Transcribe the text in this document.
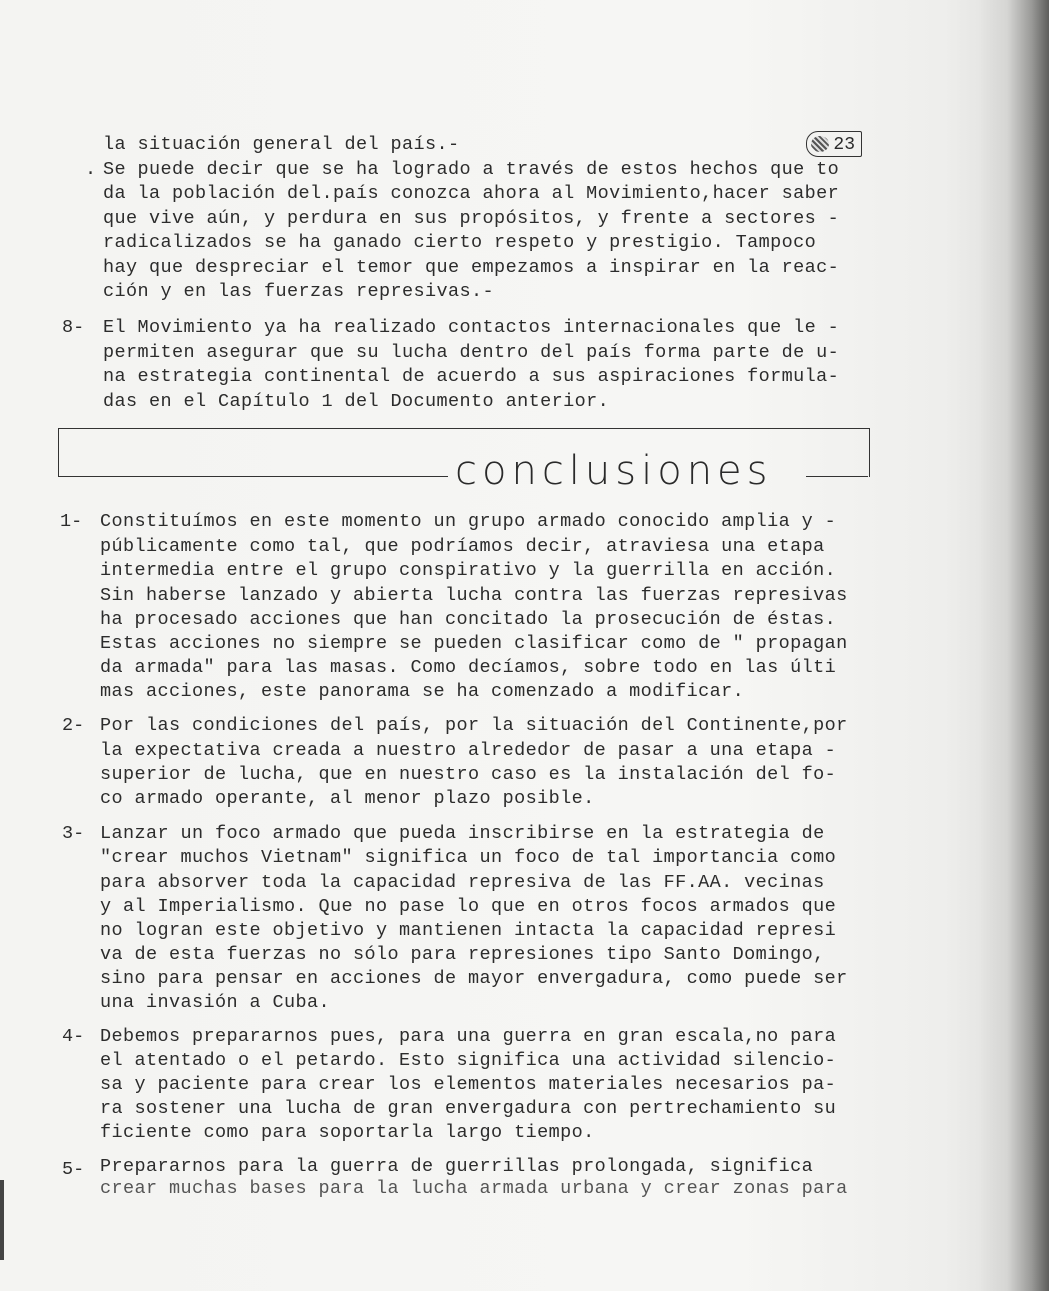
23
·
la situación general del país.-
Se puede decir que se ha logrado a través de estos hechos que to
da la población del.país conozca ahora al Movimiento,hacer saber
que vive aún, y perdura en sus propósitos, y frente a sectores -
radicalizados se ha ganado cierto respeto y prestigio. Tampoco
hay que despreciar el temor que empezamos a inspirar en la reac-
ción y en las fuerzas represivas.-
8- El Movimiento ya ha realizado contactos internacionales que le -
permiten asegurar que su lucha dentro del país forma parte de u-
na estrategia continental de acuerdo a sus aspiraciones formula-
das en el Capítulo 1 del Documento anterior.
conclusiones
1- Constituímos en este momento un grupo armado conocido amplia y -
públicamente como tal, que podríamos decir, atraviesa una etapa
intermedia entre el grupo conspirativo y la guerrilla en acción.
Sin haberse lanzado y abierta lucha contra las fuerzas represivas
ha procesado acciones que han concitado la prosecución de éstas.
Estas acciones no siempre se pueden clasificar como de " propagan
da armada" para las masas. Como decíamos, sobre todo en las últi
mas acciones, este panorama se ha comenzado a modificar.
2- Por las condiciones del país, por la situación del Continente,por
la expectativa creada a nuestro alrededor de pasar a una etapa -
superior de lucha, que en nuestro caso es la instalación del fo-
co armado operante, al menor plazo posible.
3- Lanzar un foco armado que pueda inscribirse en la estrategia de
"crear muchos Vietnam" significa un foco de tal importancia como
para absorver toda la capacidad represiva de las FF.AA. vecinas
y al Imperialismo. Que no pase lo que en otros focos armados que
no logran este objetivo y mantienen intacta la capacidad represi
va de esta fuerzas no sólo para represiones tipo Santo Domingo,
sino para pensar en acciones de mayor envergadura, como puede ser
una invasión a Cuba.
4- Debemos prepararnos pues, para una guerra en gran escala,no para
el atentado o el petardo. Esto significa una actividad silencio-
sa y paciente para crear los elementos materiales necesarios pa-
ra sostener una lucha de gran envergadura con pertrechamiento su
ficiente como para soportarla largo tiempo.
5- Prepararnos para la guerra de guerrillas prolongada, significa
crear muchas bases para la lucha armada urbana y crear zonas para
